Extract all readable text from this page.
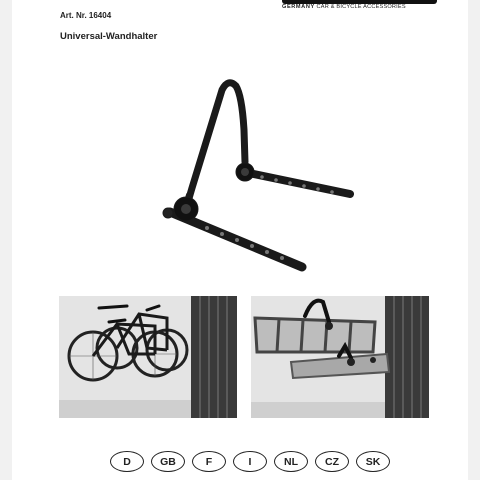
GERMANY CAR & BICYCLE ACCESSORIES
Art. Nr. 16404
Universal-Wandhalter
D	GB	F	I	NL	CZ	SK
